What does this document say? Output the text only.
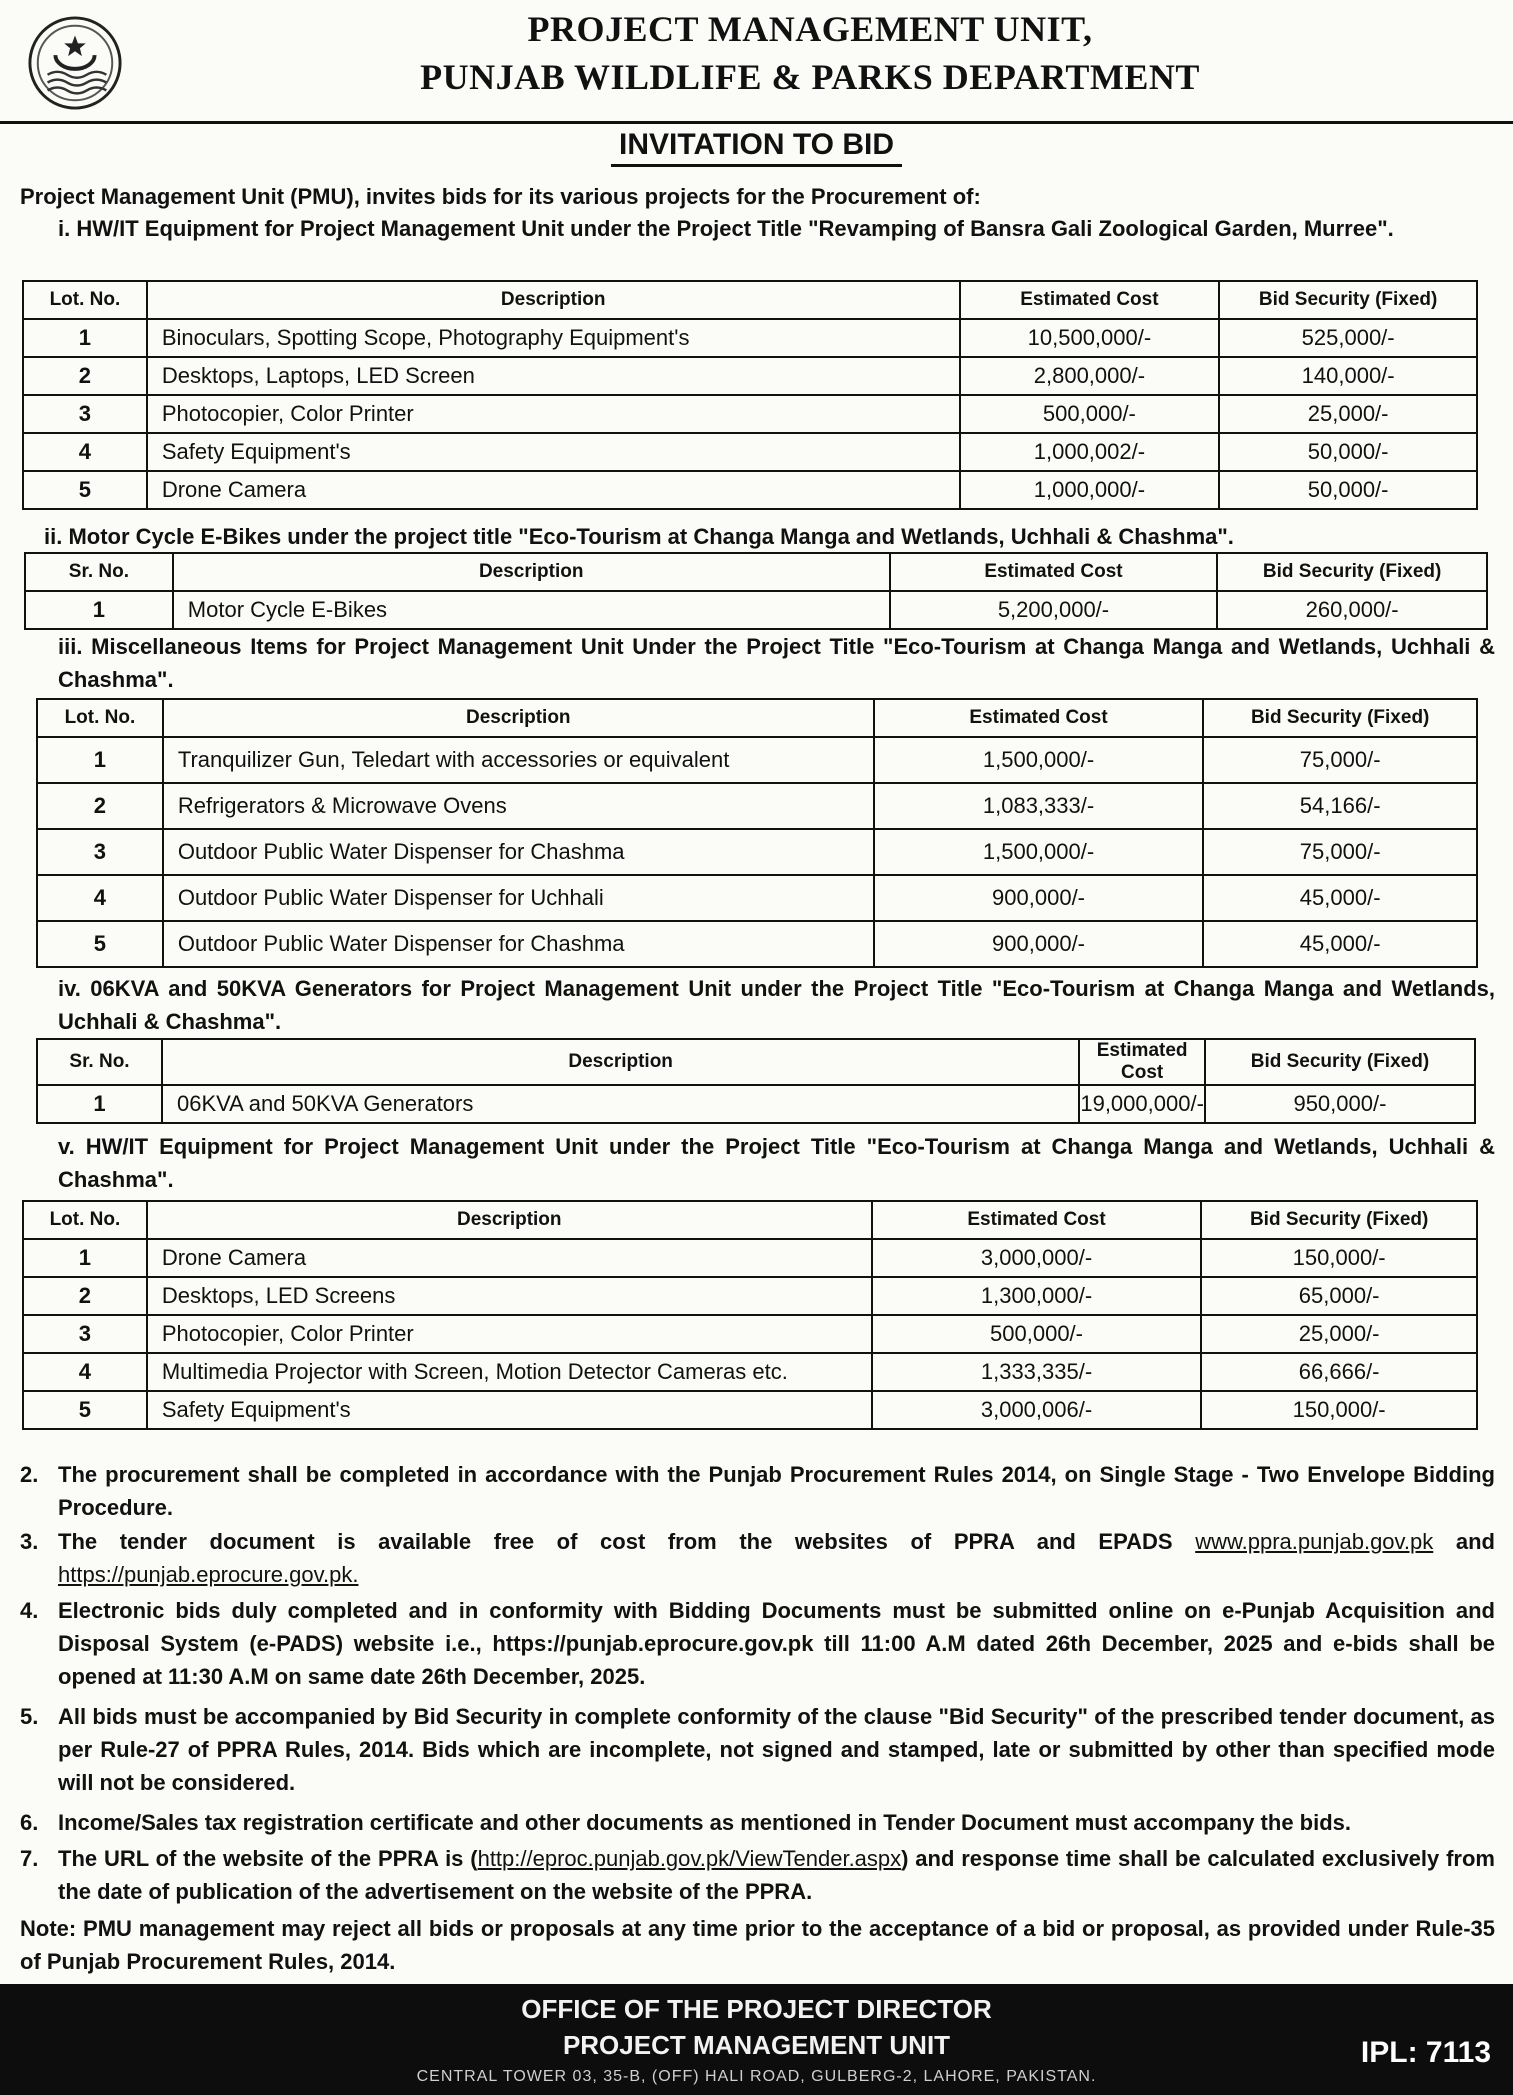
PROJECT MANAGEMENT UNIT,
PUNJAB WILDLIFE & PARKS DEPARTMENT
INVITATION TO BID
Project Management Unit (PMU), invites bids for its various projects for the Procurement of:
i. HW/IT Equipment for Project Management Unit under the Project Title "Revamping of Bansra Gali Zoological Garden, Murree".
Lot. No.	Description	Estimated Cost	Bid Security (Fixed)
1	Binoculars, Spotting Scope, Photography Equipment's	10,500,000/-	525,000/-
2	Desktops, Laptops, LED Screen	2,800,000/-	140,000/-
3	Photocopier, Color Printer	500,000/-	25,000/-
4	Safety Equipment's	1,000,002/-	50,000/-
5	Drone Camera	1,000,000/-	50,000/-
ii. Motor Cycle E-Bikes under the project title "Eco-Tourism at Changa Manga and Wetlands, Uchhali & Chashma".
Sr. No.	Description	Estimated Cost	Bid Security (Fixed)
1	Motor Cycle E-Bikes	5,200,000/-	260,000/-
iii. Miscellaneous Items for Project Management Unit Under the Project Title "Eco-Tourism at Changa Manga and Wetlands, Uchhali & Chashma".
Lot. No.	Description	Estimated Cost	Bid Security (Fixed)
1	Tranquilizer Gun, Teledart with accessories or equivalent	1,500,000/-	75,000/-
2	Refrigerators & Microwave Ovens	1,083,333/-	54,166/-
3	Outdoor Public Water Dispenser for Chashma	1,500,000/-	75,000/-
4	Outdoor Public Water Dispenser for Uchhali	900,000/-	45,000/-
5	Outdoor Public Water Dispenser for Chashma	900,000/-	45,000/-
iv. 06KVA and 50KVA Generators for Project Management Unit under the Project Title "Eco-Tourism at Changa Manga and Wetlands, Uchhali & Chashma".
Sr. No.	Description	Estimated Cost	Bid Security (Fixed)
1	06KVA and 50KVA Generators	19,000,000/-	950,000/-
v. HW/IT Equipment for Project Management Unit under the Project Title "Eco-Tourism at Changa Manga and Wetlands, Uchhali & Chashma".
Lot. No.	Description	Estimated Cost	Bid Security (Fixed)
1	Drone Camera	3,000,000/-	150,000/-
2	Desktops, LED Screens	1,300,000/-	65,000/-
3	Photocopier, Color Printer	500,000/-	25,000/-
4	Multimedia Projector with Screen, Motion Detector Cameras etc.	1,333,335/-	66,666/-
5	Safety Equipment's	3,000,006/-	150,000/-
2. The procurement shall be completed in accordance with the Punjab Procurement Rules 2014, on Single Stage - Two Envelope Bidding Procedure.
3. The tender document is available free of cost from the websites of PPRA and EPADS www.ppra.punjab.gov.pk and https://punjab.eprocure.gov.pk.
4. Electronic bids duly completed and in conformity with Bidding Documents must be submitted online on e-Punjab Acquisition and Disposal System (e-PADS) website i.e., https://punjab.eprocure.gov.pk till 11:00 A.M dated 26th December, 2025 and e-bids shall be opened at 11:30 A.M on same date 26th December, 2025.
5. All bids must be accompanied by Bid Security in complete conformity of the clause "Bid Security" of the prescribed tender document, as per Rule-27 of PPRA Rules, 2014. Bids which are incomplete, not signed and stamped, late or submitted by other than specified mode will not be considered.
6. Income/Sales tax registration certificate and other documents as mentioned in Tender Document must accompany the bids.
7. The URL of the website of the PPRA is (http://eproc.punjab.gov.pk/ViewTender.aspx) and response time shall be calculated exclusively from the date of publication of the advertisement on the website of the PPRA.
Note: PMU management may reject all bids or proposals at any time prior to the acceptance of a bid or proposal, as provided under Rule-35 of Punjab Procurement Rules, 2014.
OFFICE OF THE PROJECT DIRECTOR
PROJECT MANAGEMENT UNIT
CENTRAL TOWER 03, 35-B, (OFF) HALI ROAD, GULBERG-2, LAHORE, PAKISTAN.
IPL: 7113
